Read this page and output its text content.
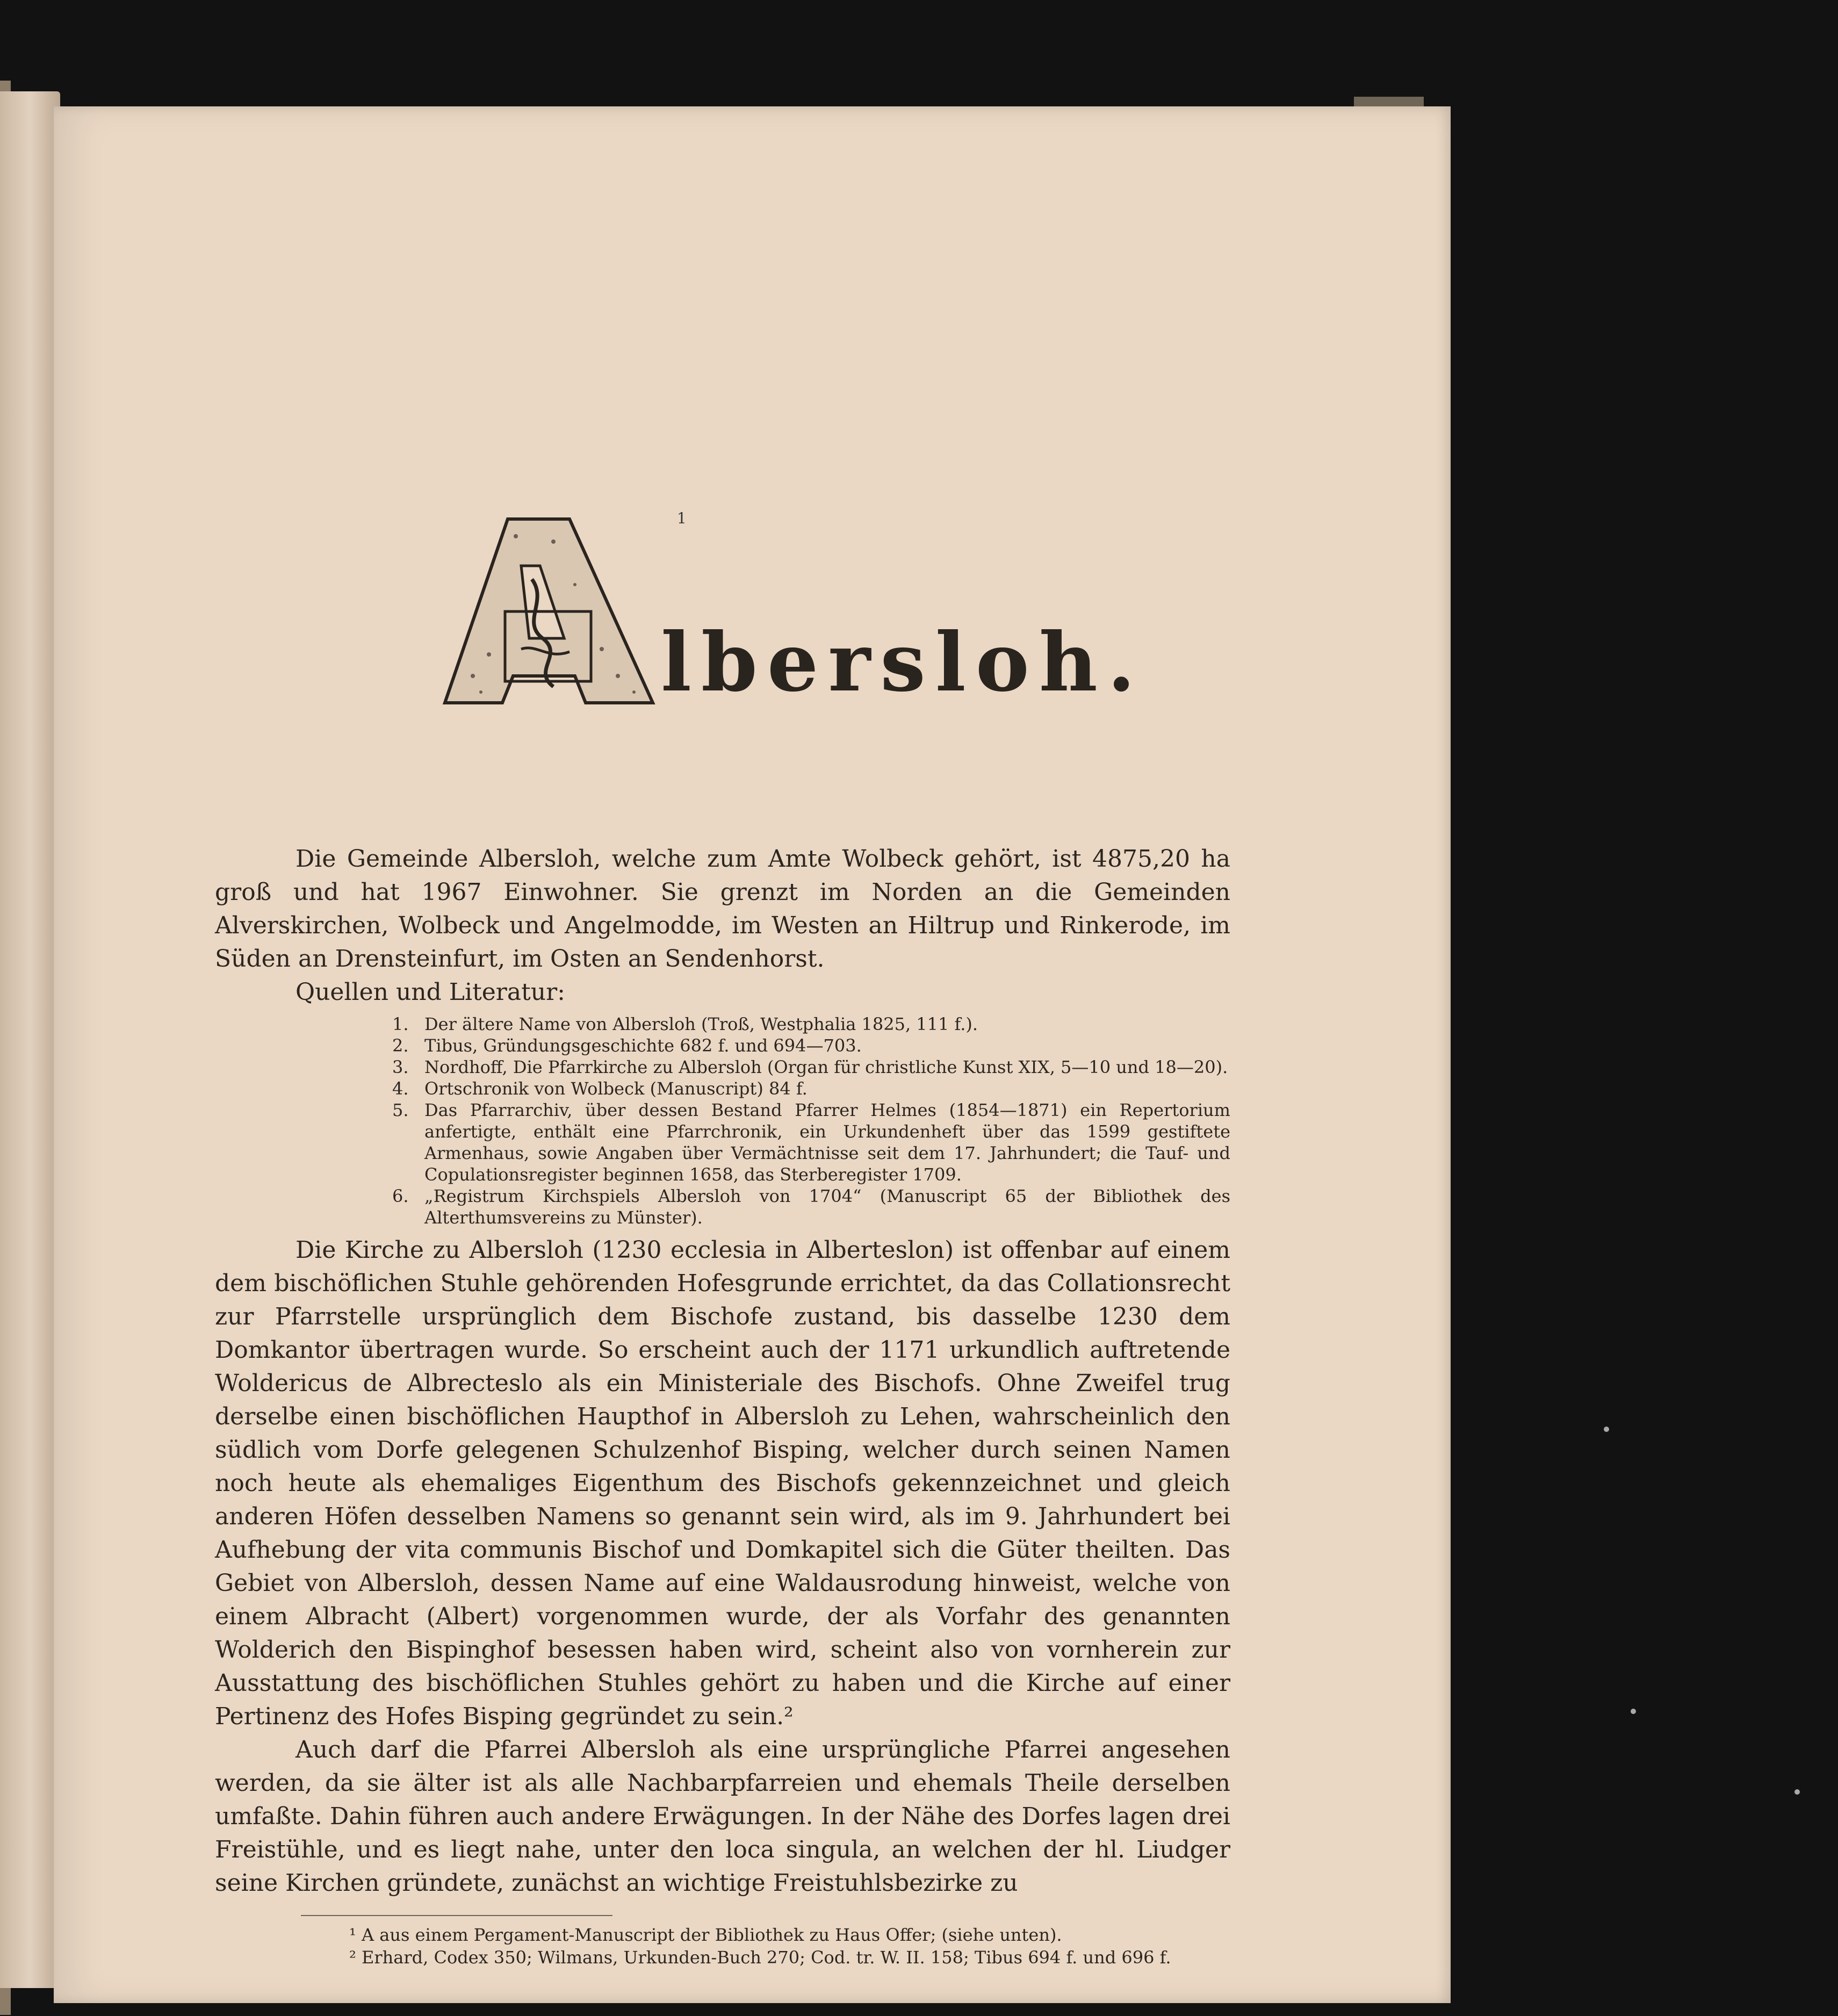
1
lbersloh.

Die Gemeinde Albersloh, welche zum Amte Wolbeck gehört, ist 4875,20 ha groß und hat 1967 Einwohner. Sie grenzt im Norden an die Gemeinden Alverskirchen, Wolbeck und Angelmodde, im Westen an Hiltrup und Rinkerode, im Süden an Drensteinfurt, im Osten an Sendenhorst.

Quellen und Literatur:
1. Der ältere Name von Albersloh (Troß, Westphalia 1825, 111 f.).
2. Tibus, Gründungsgeschichte 682 f. und 694—703.
3. Nordhoff, Die Pfarrkirche zu Albersloh (Organ für christliche Kunst XIX, 5—10 und 18—20).
4. Ortschronik von Wolbeck (Manuscript) 84 f.
5. Das Pfarrarchiv, über dessen Bestand Pfarrer Helmes (1854—1871) ein Repertorium anfertigte, enthält eine Pfarrchronik, ein Urkundenheft über das 1599 gestiftete Armenhaus, sowie Angaben über Vermächtnisse seit dem 17. Jahrhundert; die Tauf- und Copulationsregister beginnen 1658, das Sterberegister 1709.
6. „Registrum Kirchspiels Albersloh von 1704“ (Manuscript 65 der Bibliothek des Alterthumsvereins zu Münster).

Die Kirche zu Albersloh (1230 ecclesia in Alberteslon) ist offenbar auf einem dem bischöflichen Stuhle gehörenden Hofesgrunde errichtet, da das Collationsrecht zur Pfarrstelle ursprünglich dem Bischofe zustand, bis dasselbe 1230 dem Domkantor übertragen wurde. So erscheint auch der 1171 urkundlich auftretende Woldericus de Albrecteslo als ein Ministeriale des Bischofs. Ohne Zweifel trug derselbe einen bischöflichen Haupthof in Albersloh zu Lehen, wahrscheinlich den südlich vom Dorfe gelegenen Schulzenhof Bisping, welcher durch seinen Namen noch heute als ehemaliges Eigenthum des Bischofs gekennzeichnet und gleich anderen Höfen desselben Namens so genannt sein wird, als im 9. Jahrhundert bei Aufhebung der vita communis Bischof und Domkapitel sich die Güter theilten. Das Gebiet von Albersloh, dessen Name auf eine Waldausrodung hinweist, welche von einem Albracht (Albert) vorgenommen wurde, der als Vorfahr des genannten Wolderich den Bispinghof besessen haben wird, scheint also von vornherein zur Ausstattung des bischöflichen Stuhles gehört zu haben und die Kirche auf einer Pertinenz des Hofes Bisping gegründet zu sein.²

Auch darf die Pfarrei Albersloh als eine ursprüngliche Pfarrei angesehen werden, da sie älter ist als alle Nachbarpfarreien und ehemals Theile derselben umfaßte. Dahin führen auch andere Erwägungen. In der Nähe des Dorfes lagen drei Freistühle, und es liegt nahe, unter den loca singula, an welchen der hl. Liudger seine Kirchen gründete, zunächst an wichtige Freistuhlsbezirke zu

¹ A aus einem Pergament-Manuscript der Bibliothek zu Haus Offer; (siehe unten).
² Erhard, Codex 350; Wilmans, Urkunden-Buch 270; Cod. tr. W. II. 158; Tibus 694 f. und 696 f.
